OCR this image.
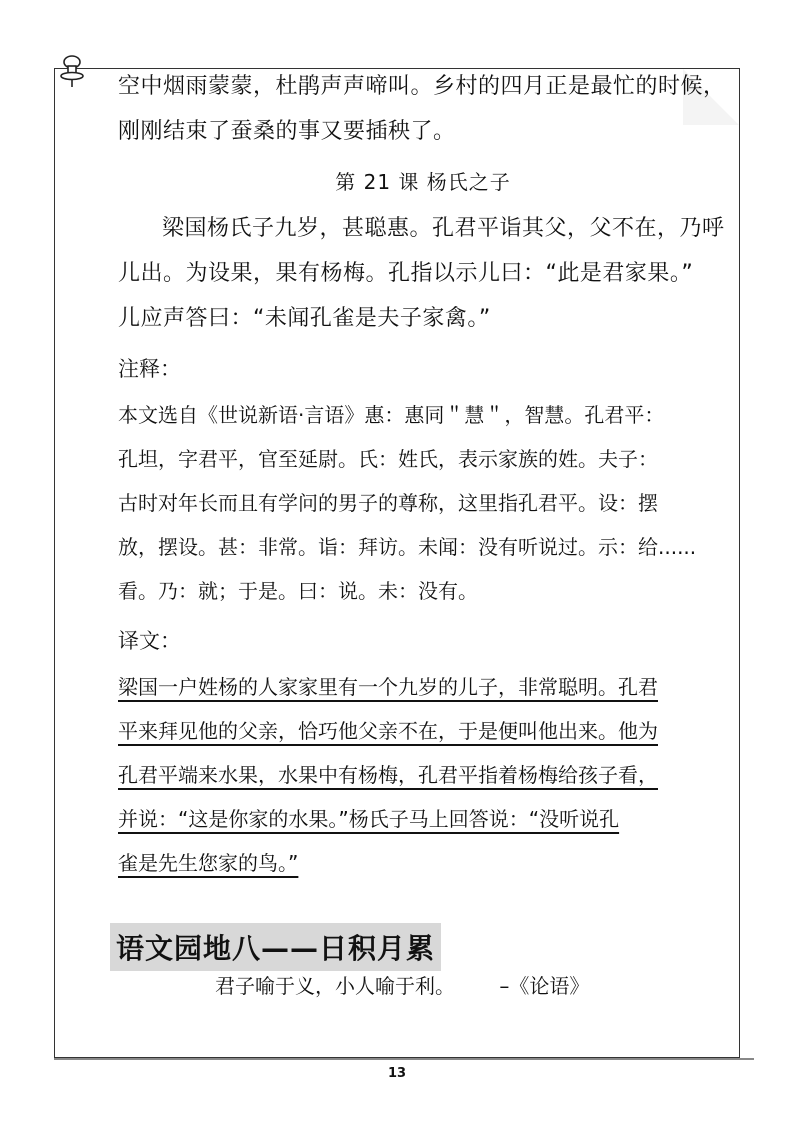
空中烟雨蒙蒙，杜鹃声声啼叫。乡村的四月正是最忙的时候，
刚刚结束了蚕桑的事又要插秧了。
第 21 课 杨氏之子
梁国杨氏子九岁，甚聪惠。孔君平诣其父，父不在，乃呼
儿出。为设果，果有杨梅。孔指以示儿曰：“此是君家果。”
儿应声答曰：“未闻孔雀是夫子家禽。”
注释：
本文选自《世说新语·言语》惠：惠同＂慧＂，智慧。孔君平：
孔坦，字君平，官至延尉。氏：姓氏，表示家族的姓。夫子：
古时对年长而且有学问的男子的尊称，这里指孔君平。设：摆
放，摆设。甚：非常。诣：拜访。未闻：没有听说过。示：给......
看。乃：就；于是。曰：说。未：没有。
译文：
梁国一户姓杨的人家家里有一个九岁的儿子，非常聪明。孔君
平来拜见他的父亲，恰巧他父亲不在，于是便叫他出来。他为
孔君平端来水果，水果中有杨梅，孔君平指着杨梅给孩子看，
并说：“这是你家的水果。”杨氏子马上回答说：“没听说孔
雀是先生您家的鸟。”
语文园地八——日积月累
君子喻于义，小人喻于利。 –《论语》
13
